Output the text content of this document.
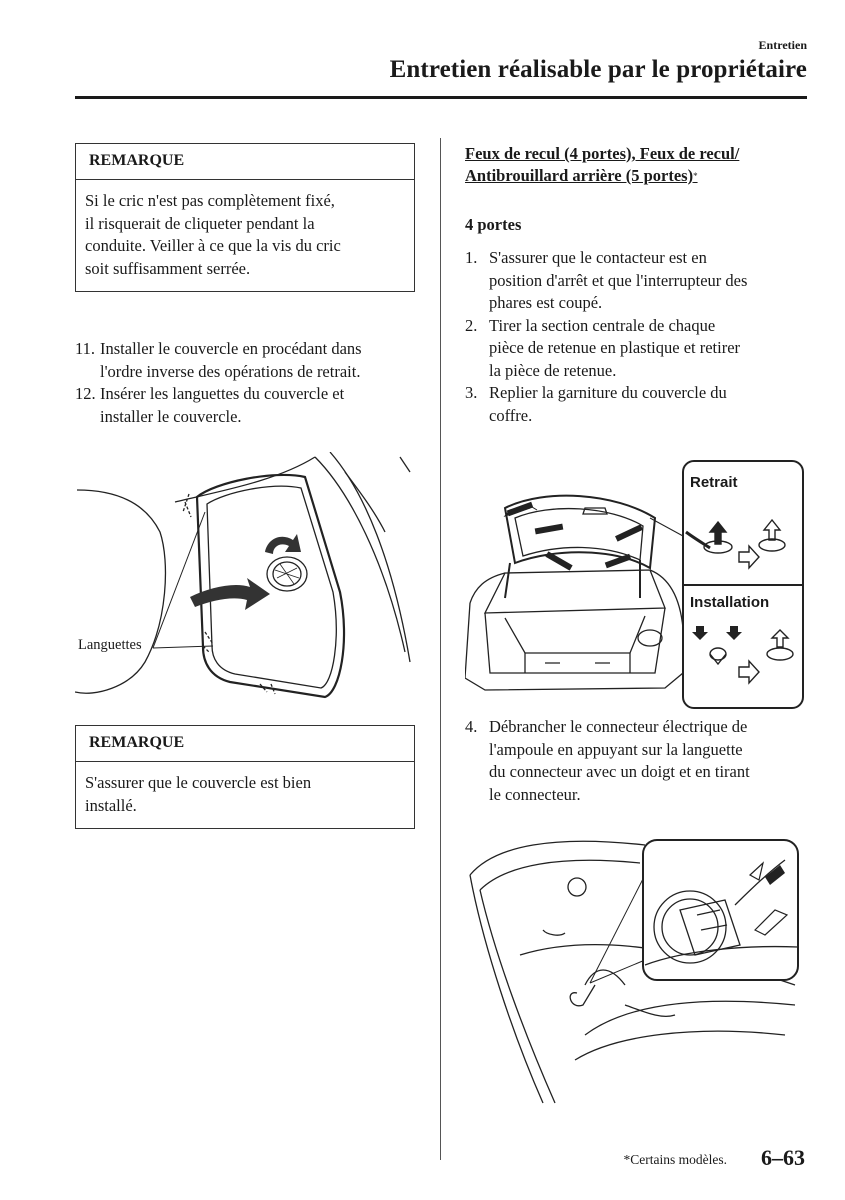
Entretien
Entretien réalisable par le propriétaire
REMARQUE
Si le cric n'est pas complètement fixé,
il risquerait de cliqueter pendant la
conduite. Veiller à ce que la vis du cric
soit suffisamment serrée.
11. Installer le couvercle en procédant dans
l'ordre inverse des opérations de retrait.
12. Insérer les languettes du couvercle et
installer le couvercle.
Languettes
REMARQUE
S'assurer que le couvercle est bien
installé.
Feux de recul (4 portes), Feux de recul/
Antibrouillard arrière (5 portes)*
4 portes
1. S'assurer que le contacteur est en
position d'arrêt et que l'interrupteur des
phares est coupé.
2. Tirer la section centrale de chaque
pièce de retenue en plastique et retirer
la pièce de retenue.
3. Replier la garniture du couvercle du
coffre.
Retrait
Installation
4. Débrancher le connecteur électrique de
l'ampoule en appuyant sur la languette
du connecteur avec un doigt et en tirant
le connecteur.
*Certains modèles. 6–63
